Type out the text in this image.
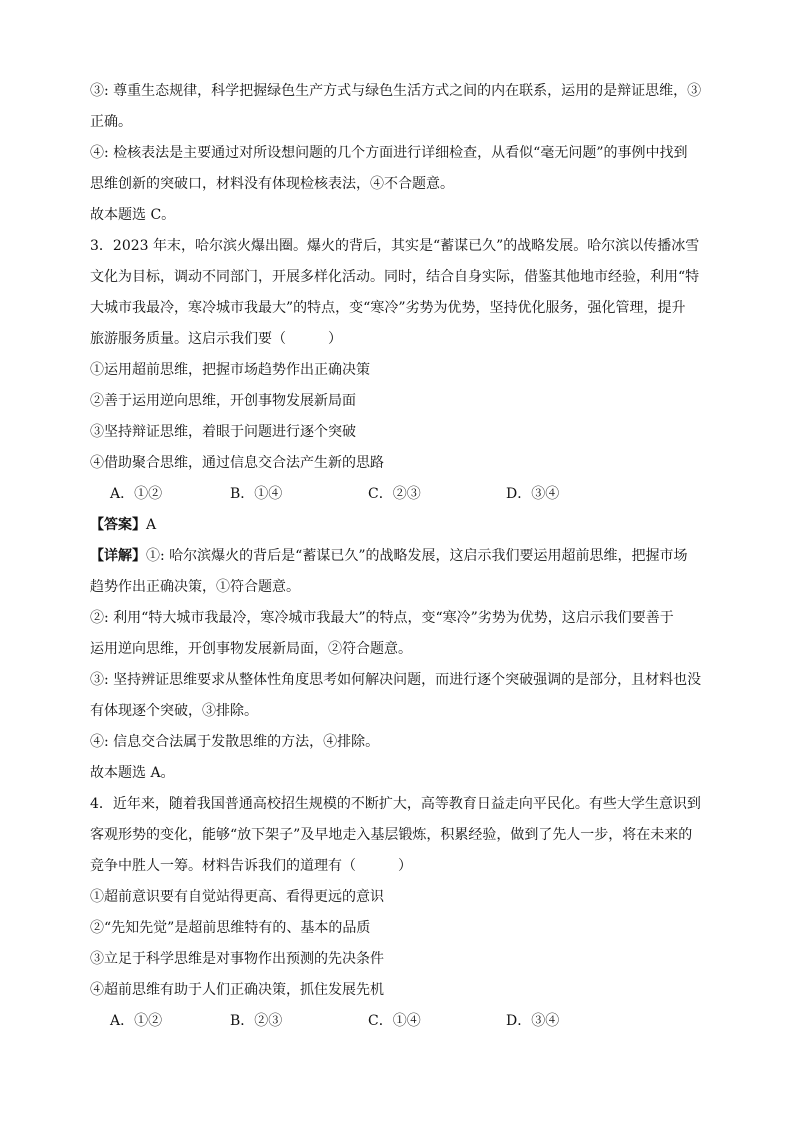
③: 尊重生态规律，科学把握绿色生产方式与绿色生活方式之间的内在联系，运用的是辩证思维，③
正确。
④: 检核表法是主要通过对所设想问题的几个方面进行详细检查，从看似“毫无问题”的事例中找到
思维创新的突破口，材料没有体现检核表法，④不合题意。
故本题选 C。
3．2023 年末，哈尔滨火爆出圈。爆火的背后，其实是“蓄谋已久”的战略发展。哈尔滨以传播冰雪
文化为目标，调动不同部门，开展多样化活动。同时，结合自身实际，借鉴其他地市经验，利用“特
大城市我最冷，寒冷城市我最大”的特点，变“寒冷”劣势为优势，坚持优化服务，强化管理，提升
旅游服务质量。这启示我们要（　　　）
①运用超前思维，把握市场趋势作出正确决策
②善于运用逆向思维，开创事物发展新局面
③坚持辩证思维，着眼于问题进行逐个突破
④借助聚合思维，通过信息交合法产生新的思路
A．①②	B．①④	C．②③	D．③④
【答案】A
【详解】①: 哈尔滨爆火的背后是“蓄谋已久”的战略发展，这启示我们要运用超前思维，把握市场
趋势作出正确决策，①符合题意。
②: 利用“特大城市我最冷，寒冷城市我最大”的特点，变“寒冷”劣势为优势，这启示我们要善于
运用逆向思维，开创事物发展新局面，②符合题意。
③: 坚持辨证思维要求从整体性角度思考如何解决问题，而进行逐个突破强调的是部分，且材料也没
有体现逐个突破，③排除。
④: 信息交合法属于发散思维的方法，④排除。
故本题选 A。
4．近年来，随着我国普通高校招生规模的不断扩大，高等教育日益走向平民化。有些大学生意识到
客观形势的变化，能够“放下架子”及早地走入基层锻炼，积累经验，做到了先人一步，将在未来的
竞争中胜人一筹。材料告诉我们的道理有（　　　）
①超前意识要有自觉站得更高、看得更远的意识
②“先知先觉”是超前思维特有的、基本的品质
③立足于科学思维是对事物作出预测的先决条件
④超前思维有助于人们正确决策，抓住发展先机
A．①②	B．②③	C．①④	D．③④
